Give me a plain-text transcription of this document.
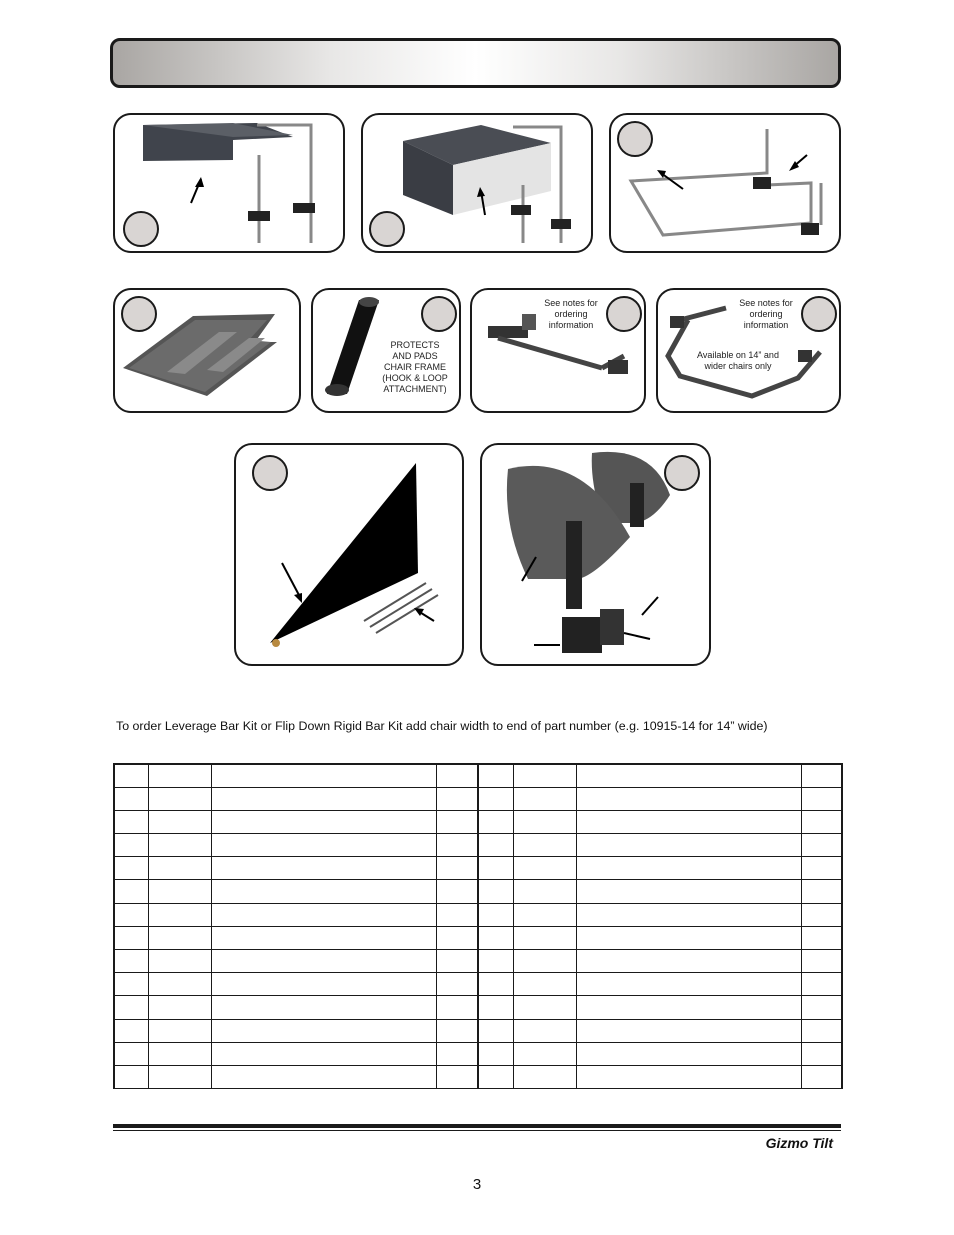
PROTECTS
AND PADS
CHAIR FRAME
(HOOK & LOOP
ATTACHMENT)
See notes for
ordering
information
See notes for
ordering
information
Available on 14” and
wider chairs only
To order Leverage Bar Kit or Flip Down Rigid Bar Kit add chair width to end of part number (e.g. 10915-14 for 14” wide)

Gizmo Tilt
3
